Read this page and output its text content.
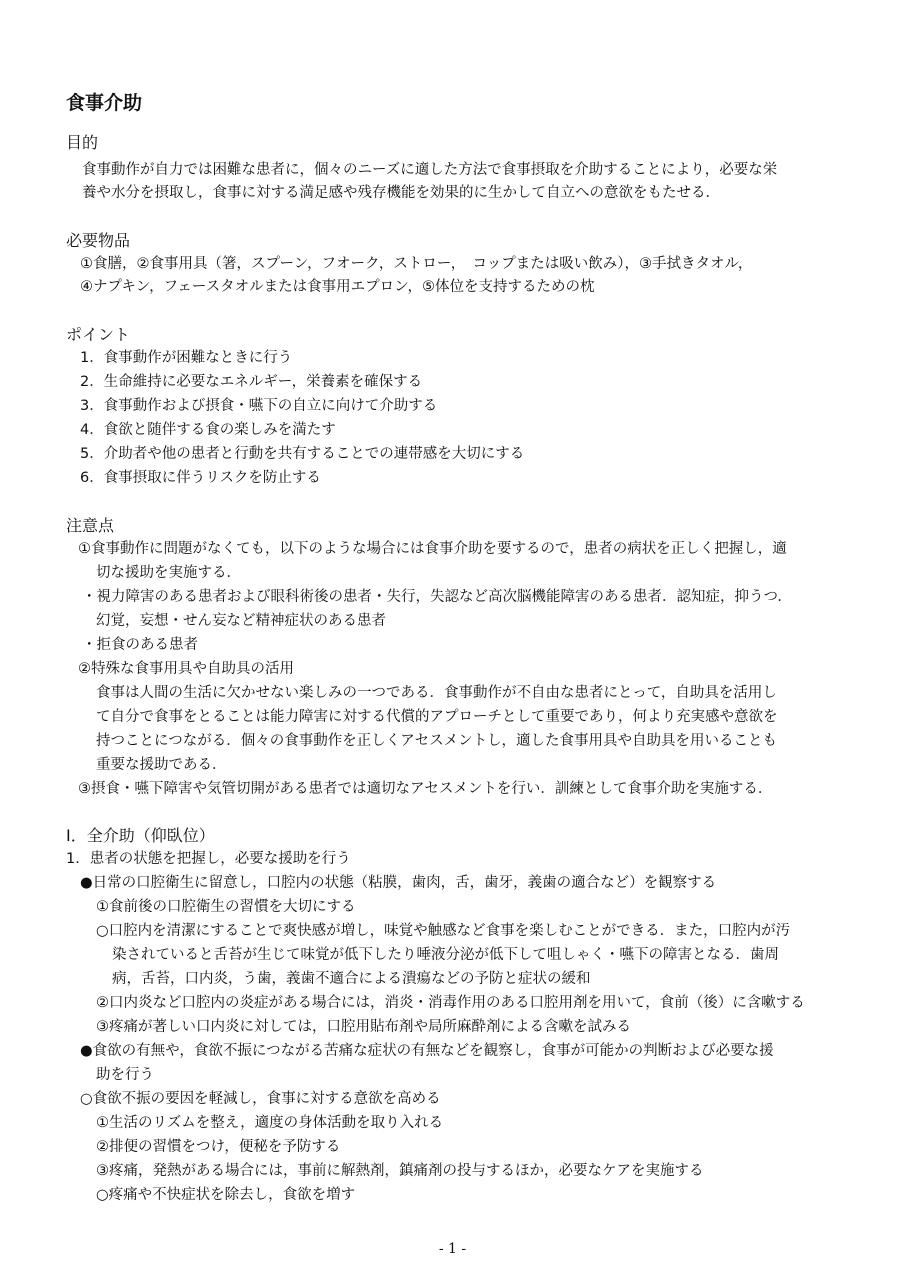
食事介助
目的
食事動作が自力では困難な患者に，個々のニーズに適した方法で食事摂取を介助することにより，必要な栄
養や水分を摂取し，食事に対する満足感や残存機能を効果的に生かして自立への意欲をもたせる．
必要物品
①食膳，②食事用具（箸，スプーン，フオーク，ストロー，　コップまたは吸い飲み），③手拭きタオル，
④ナプキン，フェースタオルまたは食事用エプロン，⑤体位を支持するための枕
ポイント
1．食事動作が困難なときに行う
2．生命維持に必要なエネルギー，栄養素を確保する
3．食事動作および摂食・嚥下の自立に向けて介助する
4．食欲と随伴する食の楽しみを満たす
5．介助者や他の患者と行動を共有することでの連帯感を大切にする
6．食事摂取に伴うリスクを防止する
注意点
①食事動作に問題がなくても，以下のような場合には食事介助を要するので，患者の病状を正しく把握し，適
切な援助を実施する．
・視力障害のある患者および眼科術後の患者・失行，失認など高次脳機能障害のある患者．認知症，抑うつ．
幻覚，妄想・せん妄など精神症状のある患者
・拒食のある患者
②特殊な食事用具や自助具の活用
食事は人間の生活に欠かせない楽しみの一つである．食事動作が不自由な患者にとって，自助具を活用し
て自分で食事をとることは能力障害に対する代償的アプローチとして重要であり，何より充実感や意欲を
持つことにつながる．個々の食事動作を正しくアセスメントし，適した食事用具や自助具を用いることも
重要な援助である．
③摂食・嚥下障害や気管切開がある患者では適切なアセスメントを行い．訓練として食事介助を実施する．
Ⅰ．全介助（仰臥位）
1．患者の状態を把握し，必要な援助を行う
●日常の口腔衛生に留意し，口腔内の状態（粘膜，歯肉，舌，歯牙，義歯の適合など）を観察する
①食前後の口腔衛生の習慣を大切にする
○口腔内を清潔にすることで爽快感が増し，味覚や触感など食事を楽しむことができる．また，口腔内が汚
染されていると舌苔が生じて味覚が低下したり唾液分泌が低下して咀しゃく・嚥下の障害となる．歯周
病，舌苔，口内炎，う歯，義歯不適合による潰瘍などの予防と症状の緩和
②口内炎など口腔内の炎症がある場合には，消炎・消毒作用のある口腔用剤を用いて，食前（後）に含嗽する
③疼痛が著しい口内炎に対しては，口腔用貼布剤や局所麻酔剤による含嗽を試みる
●食欲の有無や，食欲不振につながる苦痛な症状の有無などを観察し，食事が可能かの判断および必要な援
助を行う
○食欲不振の要因を軽減し，食事に対する意欲を高める
①生活のリズムを整え，適度の身体活動を取り入れる
②排便の習慣をつけ，便秘を予防する
③疼痛，発熱がある場合には，事前に解熱剤，鎮痛剤の投与するほか，必要なケアを実施する
○疼痛や不快症状を除去し，食欲を増す
- 1 -
